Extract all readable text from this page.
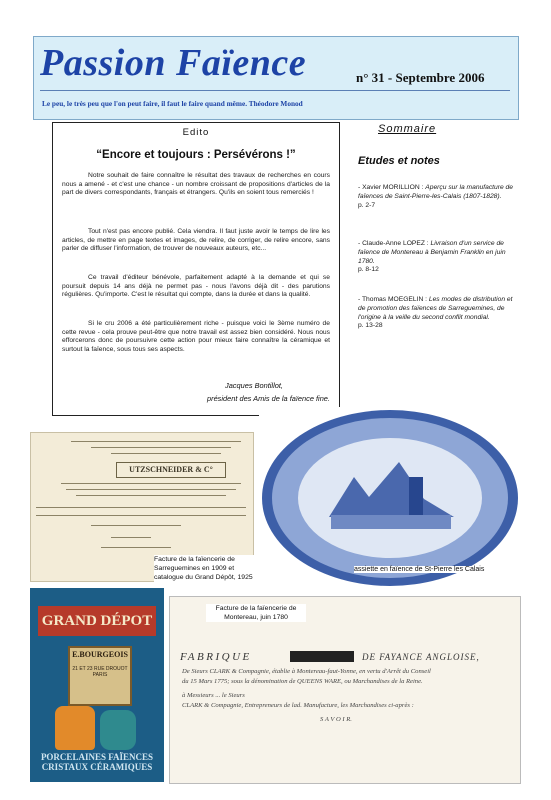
Passion Faïence	n° 31 - Septembre 2006
Le peu, le très peu que l'on peut faire, il faut le faire quand même. Théodore Monod
Edito
“Encore et toujours : Persévérons !”

Notre souhait de faire connaître le résultat des travaux de recherches en cours nous a amené - et c'est une chance - un nombre croissant de propositions d'articles de la part de divers correspondants, français et étrangers. Qu'ils en soient tous remerciés !

Tout n'est pas encore publié. Cela viendra. Il faut juste avoir le temps de lire les articles, de mettre en page textes et images, de relire, de corriger, de relire encore, sans parler de diffuser l'information, de trouver de nouveaux auteurs, etc...

Ce travail d'éditeur bénévole, parfaitement adapté à la demande et qui se poursuit depuis 14 ans déjà ne permet pas - nous l'avons déjà dit - des parutions régulières. Qu'importe. C'est le résultat qui compte, dans la durée et dans la qualité.

Si le cru 2006 a été particulièrement riche - puisque voici le 3ème numéro de cette revue - cela prouve peut-être que notre travail est assez bien considéré. Nous nous efforcerons donc de poursuivre cette action pour mieux faire connaître la céramique et surtout la faïence, sous tous ses aspects.

Jacques Bontillot,
président des Amis de la faïence fine.
Sommaire
Etudes et notes
- Xavier MORILLION : Aperçu sur la manufacture de faïences de Saint-Pierre-les-Calais (1807-1828).
p. 2-7
- Claude-Anne LOPEZ : Livraison d'un service de faïence de Montereau à Benjamin Franklin en juin 1780.
p. 8-12
- Thomas MOEGELIN : Les modes de distribution et de promotion des faïences de Sarreguemines, de l'origine à la veille du second conflit mondial.
p. 13-28
UTZSCHNEIDER & C°
Facture de la faïencerie de Sarreguemines en 1909 et catalogue du Grand Dépôt, 1925
assiette en faïence de St-Pierre les Calais
GRAND DÉPOT
E.BOURGEOIS
21 ET 23 RUE DROUOT PARIS
PORCELAINES FAÏENCES CRISTAUX CÉRAMIQUES
Facture de la faïencerie de Montereau, juin 1780
FABRIQUE	DE FAYANCE ANGLOISE,
De Sieurs CLARK & Compagnie, établie à Montereau-faut-Yonne, en vertu d'Arrêt du Conseil
du 15 Mars 1775; sous la dénomination de QUEENS WARE, ou Marchandises de la Reine.
à Messieurs ... le Sieurs
CLARK & Compagnie, Entrepreneurs de lad. Manufacture, les Marchandises ci-après :
S A V O I R.
